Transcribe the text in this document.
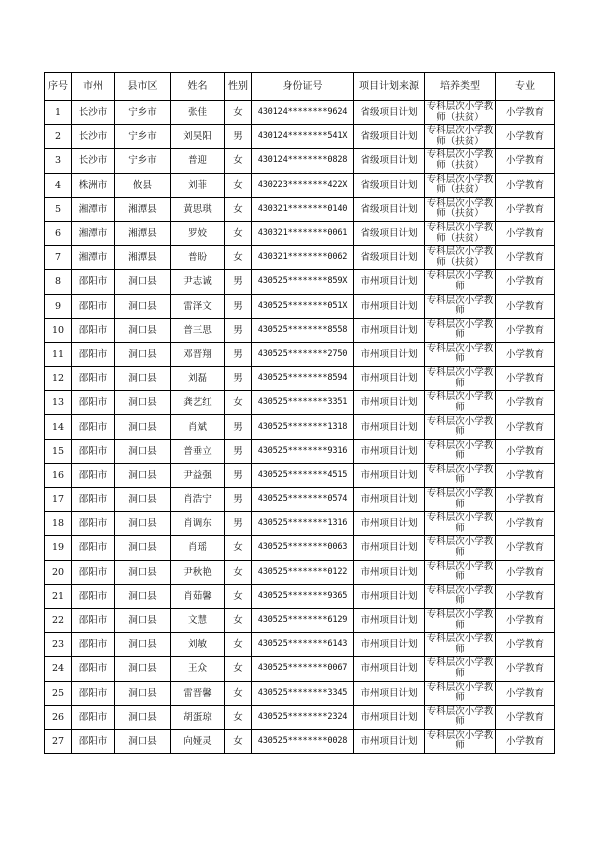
序号	市州	县市区	姓名	性别	身份证号	项目计划来源	培养类型	专业
1	长沙市	宁乡市	张佳	女	430124********9624	省级项目计划	专科层次小学教师（扶贫）	小学教育
2	长沙市	宁乡市	刘昊阳	男	430124********541X	省级项目计划	专科层次小学教师（扶贫）	小学教育
3	长沙市	宁乡市	普迎	女	430124********0828	省级项目计划	专科层次小学教师（扶贫）	小学教育
4	株洲市	攸县	刘菲	女	430223********422X	省级项目计划	专科层次小学教师（扶贫）	小学教育
5	湘潭市	湘潭县	黄思琪	女	430321********0140	省级项目计划	专科层次小学教师（扶贫）	小学教育
6	湘潭市	湘潭县	罗姣	女	430321********0061	省级项目计划	专科层次小学教师（扶贫）	小学教育
7	湘潭市	湘潭县	普盼	女	430321********0062	省级项目计划	专科层次小学教师（扶贫）	小学教育
8	邵阳市	洞口县	尹志诚	男	430525********859X	市州项目计划	专科层次小学教师	小学教育
9	邵阳市	洞口县	雷泽文	男	430525********051X	市州项目计划	专科层次小学教师	小学教育
10	邵阳市	洞口县	普三思	男	430525********8558	市州项目计划	专科层次小学教师	小学教育
11	邵阳市	洞口县	邓晋翔	男	430525********2750	市州项目计划	专科层次小学教师	小学教育
12	邵阳市	洞口县	刘磊	男	430525********8594	市州项目计划	专科层次小学教师	小学教育
13	邵阳市	洞口县	龚艺红	女	430525********3351	市州项目计划	专科层次小学教师	小学教育
14	邵阳市	洞口县	肖斌	男	430525********1318	市州项目计划	专科层次小学教师	小学教育
15	邵阳市	洞口县	普垂立	男	430525********9316	市州项目计划	专科层次小学教师	小学教育
16	邵阳市	洞口县	尹益强	男	430525********4515	市州项目计划	专科层次小学教师	小学教育
17	邵阳市	洞口县	肖浩宁	男	430525********0574	市州项目计划	专科层次小学教师	小学教育
18	邵阳市	洞口县	肖调东	男	430525********1316	市州项目计划	专科层次小学教师	小学教育
19	邵阳市	洞口县	肖瑶	女	430525********0063	市州项目计划	专科层次小学教师	小学教育
20	邵阳市	洞口县	尹秋艳	女	430525********0122	市州项目计划	专科层次小学教师	小学教育
21	邵阳市	洞口县	肖茹馨	女	430525********9365	市州项目计划	专科层次小学教师	小学教育
22	邵阳市	洞口县	文慧	女	430525********6129	市州项目计划	专科层次小学教师	小学教育
23	邵阳市	洞口县	刘敏	女	430525********6143	市州项目计划	专科层次小学教师	小学教育
24	邵阳市	洞口县	王众	女	430525********0067	市州项目计划	专科层次小学教师	小学教育
25	邵阳市	洞口县	雷晋馨	女	430525********3345	市州项目计划	专科层次小学教师	小学教育
26	邵阳市	洞口县	胡蛋琼	女	430525********2324	市州项目计划	专科层次小学教师	小学教育
27	邵阳市	洞口县	向娅灵	女	430525********0028	市州项目计划	专科层次小学教师	小学教育
